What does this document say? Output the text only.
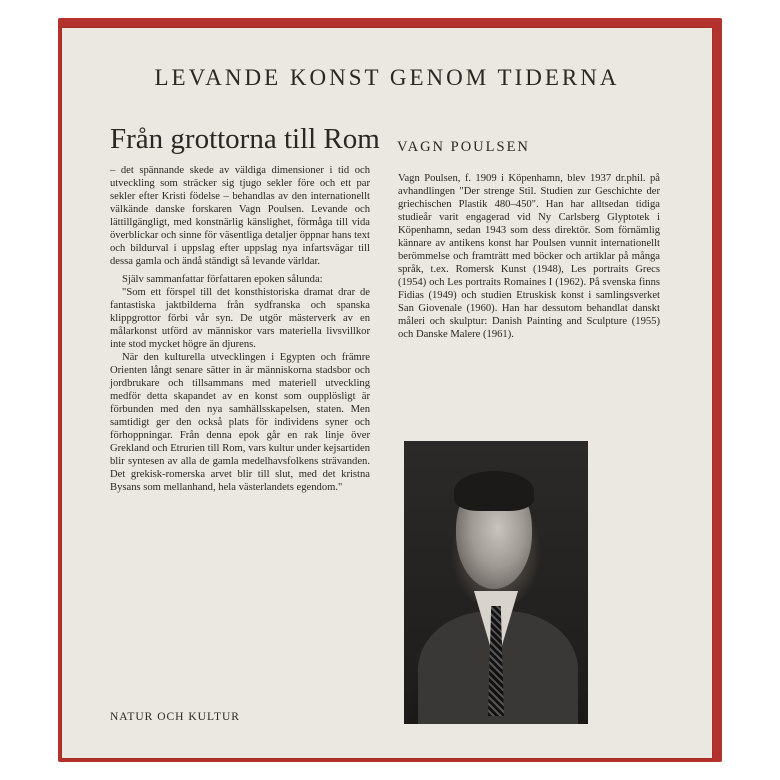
LEVANDE KONST GENOM TIDERNA
Från grottorna till Rom VAGN POULSEN

– det spännande skede av väldiga dimensioner i tid och utveckling som sträcker sig tjugo sekler före och ett par sekler efter Kristi födelse – behandlas av den internationellt välkände danske forskaren Vagn Poulsen. Levande och lättillgängligt, med konstnärlig känslighet, förmåga till vida överblickar och sinne för väsentliga detaljer öppnar hans text och bildurval i uppslag efter uppslag nya infartsvägar till dessa gamla och ändå ständigt så levande världar.

Själv sammanfattar författaren epoken sålunda:

"Som ett förspel till det konsthistoriska dramat drar de fantastiska jaktbilderna från sydfranska och spanska klippgrottor förbi vår syn. De utgör mästerverk av en målarkonst utförd av människor vars materiella livsvillkor inte stod mycket högre än djurens.

När den kulturella utvecklingen i Egypten och främre Orienten långt senare sätter in är människorna stadsbor och jordbrukare och tillsammans med materiell utveckling medför detta skapandet av en konst som oupplösligt är förbunden med den nya samhällsskapelsen, staten. Men samtidigt ger den också plats för individens syner och förhoppningar. Från denna epok går en rak linje över Grekland och Etrurien till Rom, vars kultur under kejsartiden blir syntesen av alla de gamla medelhavsfolkens strävanden. Det grekisk-romerska arvet blir till slut, med det kristna Bysans som mellanhand, hela västerlandets egendom."

Vagn Poulsen, f. 1909 i Köpenhamn, blev 1937 dr.phil. på avhandlingen "Der strenge Stil. Studien zur Geschichte der griechischen Plastik 480–450". Han har alltsedan tidiga studieår varit engagerad vid Ny Carlsberg Glyptotek i Köpenhamn, sedan 1943 som dess direktör. Som förnämlig kännare av antikens konst har Poulsen vunnit internationellt berömmelse och framträtt med böcker och artiklar på många språk, t.ex. Romersk Kunst (1948), Les portraits Grecs (1954) och Les portraits Romaines I (1962). På svenska finns Fidias (1949) och studien Etruskisk konst i samlingsverket San Giovenale (1960). Han har dessutom behandlat danskt måleri och skulptur: Danish Painting and Sculpture (1955) och Danske Malere (1961).

NATUR OCH KULTUR
